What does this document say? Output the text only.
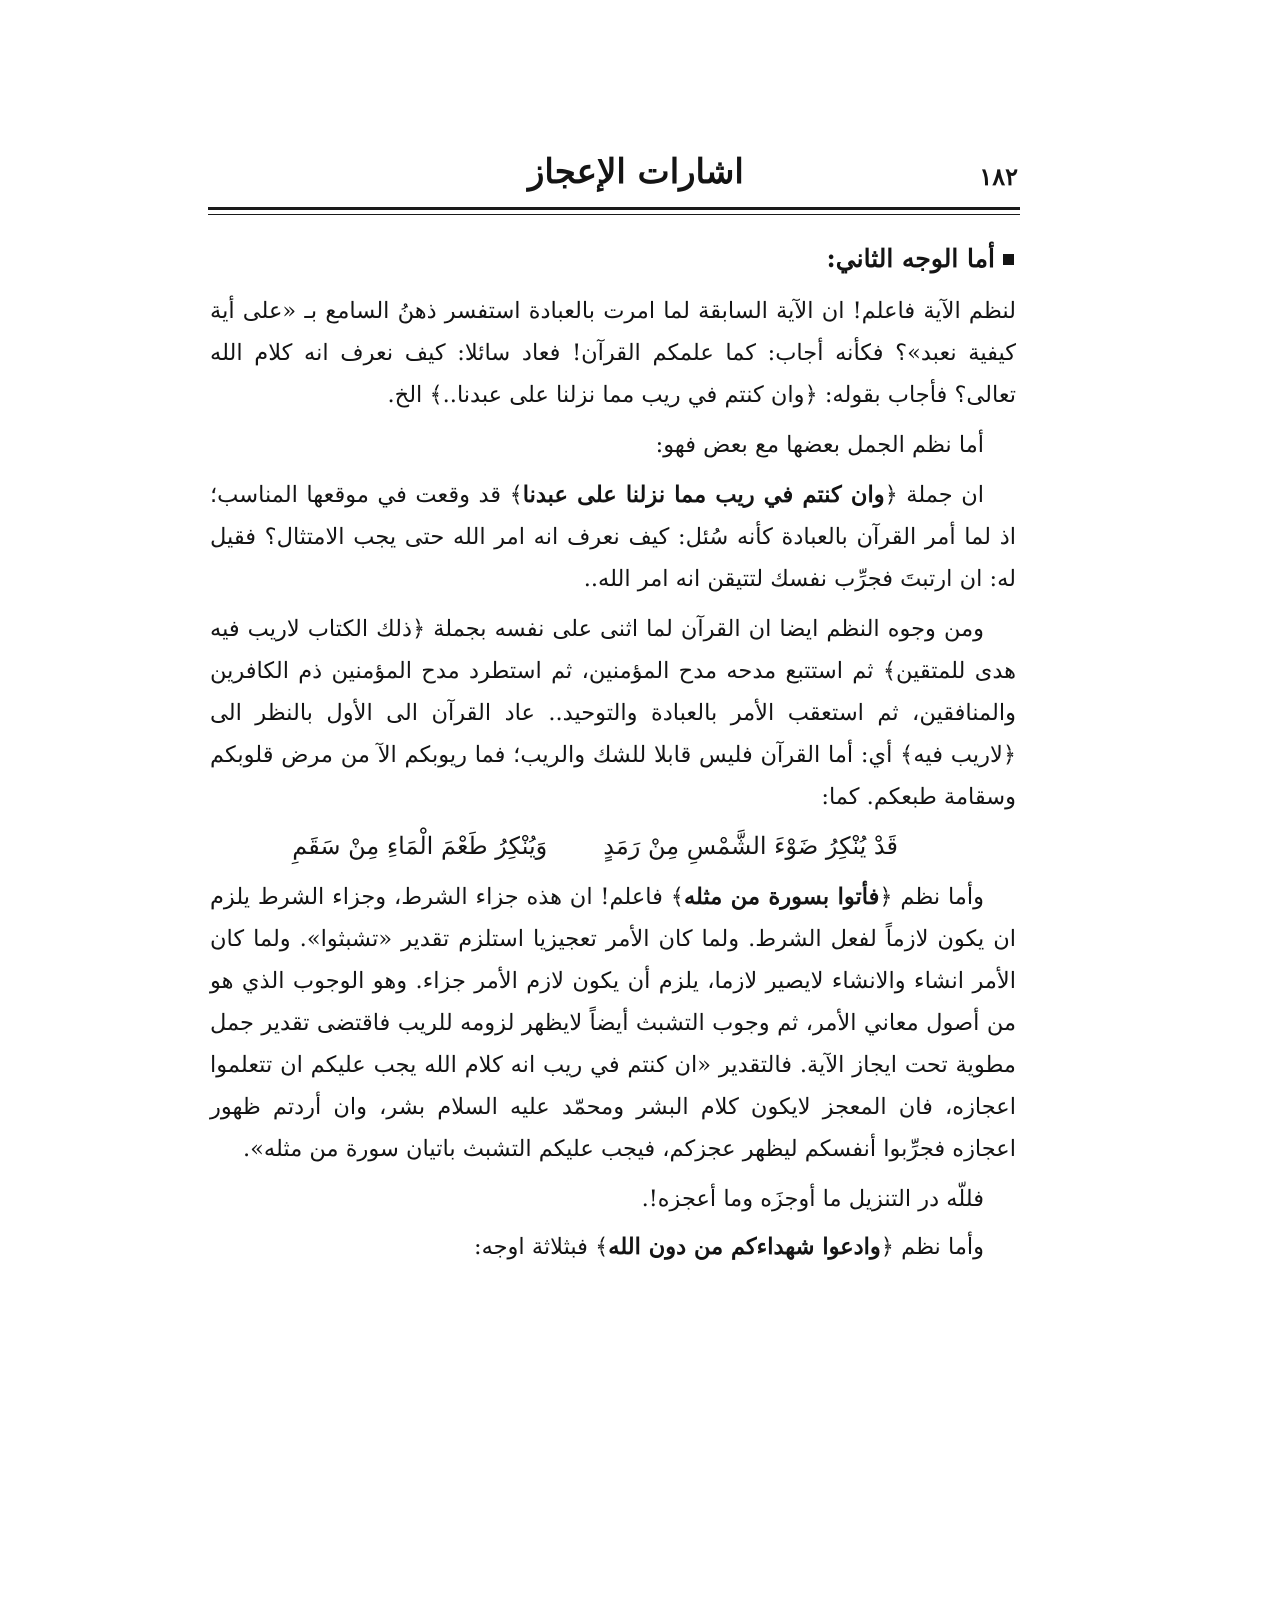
١٨٢
اشارات الإعجاز
أما الوجه الثاني:

لنظم الآية فاعلم! ان الآية السابقة لما امرت بالعبادة استفسر ذهنُ السامع بـ «على أية كيفية نعبد»؟ فكأنه أجاب: كما علمكم القرآن! فعاد سائلا: كيف نعرف انه كلام الله تعالى؟ فأجاب بقوله: ﴿وان كنتم في ريب مما نزلنا على عبدنا..﴾ الخ.

أما نظم الجمل بعضها مع بعض فهو:

ان جملة ﴿وان كنتم في ريب مما نزلنا على عبدنا﴾ قد وقعت في موقعها المناسب؛ اذ لما أمر القرآن بالعبادة كأنه سُئل: كيف نعرف انه امر الله حتى يجب الامتثال؟ فقيل له: ان ارتبتَ فجرِّب نفسك لتتيقن انه امر الله..

ومن وجوه النظم ايضا ان القرآن لما اثنى على نفسه بجملة ﴿ذلك الكتاب لاريب فيه هدى للمتقين﴾ ثم استتبع مدحه مدح المؤمنين، ثم استطرد مدح المؤمنين ذم الكافرين والمنافقين، ثم استعقب الأمر بالعبادة والتوحيد.. عاد القرآن الى الأول بالنظر الى ﴿لاريب فيه﴾ أي: أما القرآن فليس قابلا للشك والريب؛ فما ريوبكم الآ من مرض قلوبكم وسقامة طبعكم. كما:

قَدْ يُنْكِرُ ضَوْءَ الشَّمْسِ مِنْ رَمَدٍ
وَيُنْكِرُ طَعْمَ الْمَاءِ مِنْ سَقَمِ

وأما نظم ﴿فأتوا بسورة من مثله﴾ فاعلم! ان هذه جزاء الشرط، وجزاء الشرط يلزم ان يكون لازماً لفعل الشرط. ولما كان الأمر تعجيزيا استلزم تقدير «تشبثوا». ولما كان الأمر انشاء والانشاء لايصير لازما، يلزم أن يكون لازم الأمر جزاء. وهو الوجوب الذي هو من أصول معاني الأمر، ثم وجوب التشبث أيضاً لايظهر لزومه للريب فاقتضى تقدير جمل مطوية تحت ايجاز الآية. فالتقدير «ان كنتم في ريب انه كلام الله يجب عليكم ان تتعلموا اعجازه، فان المعجز لايكون كلام البشر ومحمّد عليه السلام بشر، وان أردتم ظهور اعجازه فجرِّبوا أنفسكم ليظهر عجزكم، فيجب عليكم التشبث باتيان سورة من مثله».

فللّه در التنزيل ما أوجزَه وما أعجزه!.

وأما نظم ﴿وادعوا شهداءكم من دون الله﴾ فبثلاثة اوجه:
